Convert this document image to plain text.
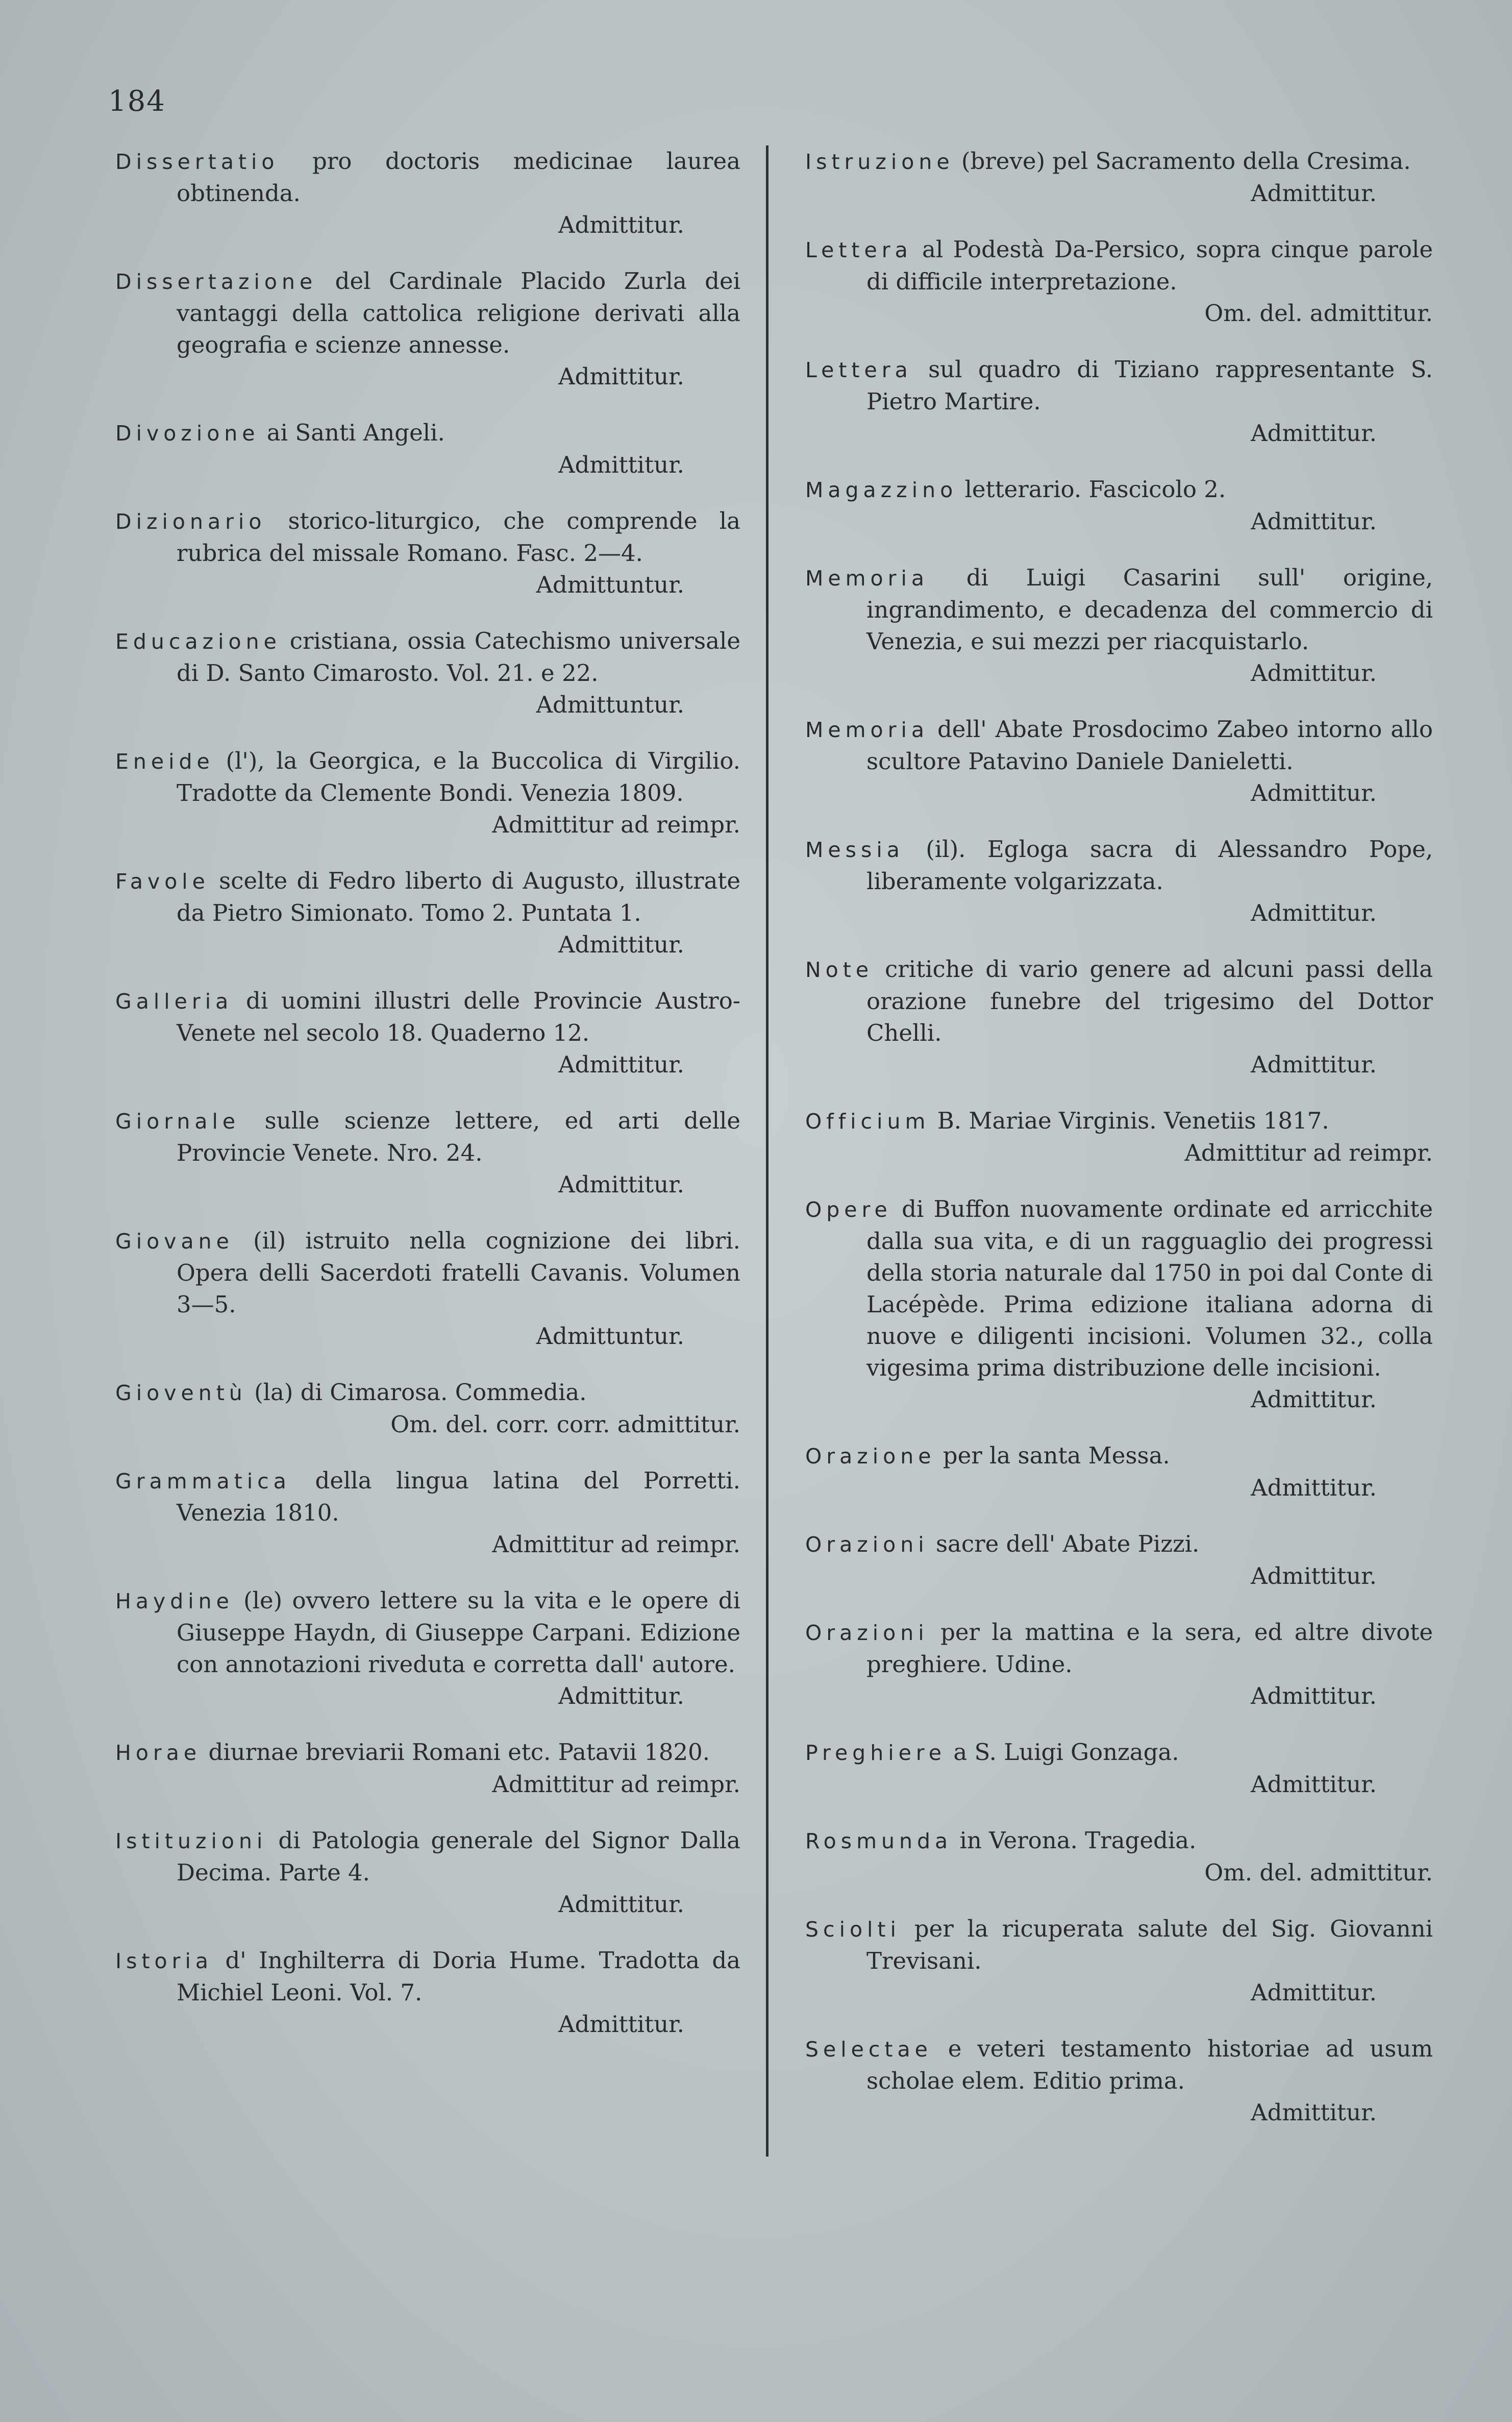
184
Dissertatio pro doctoris medicinae laurea obtinenda.
Admittitur.
Dissertazione del Cardinale Placido Zurla dei vantaggi della cattolica religione derivati alla geografia e scienze annesse.
Admittitur.
Divozione ai Santi Angeli.
Admittitur.
Dizionario storico-liturgico, che comprende la rubrica del missale Romano. Fasc. 2—4.
Admittuntur.
Educazione cristiana, ossia Catechismo universale di D. Santo Cimarosto. Vol. 21. e 22.
Admittuntur.
Eneide (l'), la Georgica, e la Buccolica di Virgilio. Tradotte da Clemente Bondi. Venezia 1809.
Admittitur ad reimpr.
Favole scelte di Fedro liberto di Augusto, illustrate da Pietro Simionato. Tomo 2. Puntata 1.
Admittitur.
Galleria di uomini illustri delle Provincie Austro-Venete nel secolo 18. Quaderno 12.
Admittitur.
Giornale sulle scienze lettere, ed arti delle Provincie Venete. Nro. 24.
Admittitur.
Giovane (il) istruito nella cognizione dei libri. Opera delli Sacerdoti fratelli Cavanis. Volumen 3—5.
Admittuntur.
Gioventù (la) di Cimarosa. Commedia.
Om. del. corr. corr. admittitur.
Grammatica della lingua latina del Porretti. Venezia 1810.
Admittitur ad reimpr.
Haydine (le) ovvero lettere su la vita e le opere di Giuseppe Haydn, di Giuseppe Carpani. Edizione con annotazioni riveduta e corretta dall' autore.
Admittitur.
Horae diurnae breviarii Romani etc. Patavii 1820.
Admittitur ad reimpr.
Istituzioni di Patologia generale del Signor Dalla Decima. Parte 4.
Admittitur.
Istoria d' Inghilterra di Doria Hume. Tradotta da Michiel Leoni. Vol. 7.
Admittitur.
Istruzione (breve) pel Sacramento della Cresima.
Admittitur.
Lettera al Podestà Da-Persico, sopra cinque parole di difficile interpretazione.
Om. del. admittitur.
Lettera sul quadro di Tiziano rappresentante S. Pietro Martire.
Admittitur.
Magazzino letterario. Fascicolo 2.
Admittitur.
Memoria di Luigi Casarini sull' origine, ingrandimento, e decadenza del commercio di Venezia, e sui mezzi per riacquistarlo.
Admittitur.
Memoria dell' Abate Prosdocimo Zabeo intorno allo scultore Patavino Daniele Danieletti.
Admittitur.
Messia (il). Egloga sacra di Alessandro Pope, liberamente volgarizzata.
Admittitur.
Note critiche di vario genere ad alcuni passi della orazione funebre del trigesimo del Dottor Chelli.
Admittitur.
Officium B. Mariae Virginis. Venetiis 1817.
Admittitur ad reimpr.
Opere di Buffon nuovamente ordinate ed arricchite dalla sua vita, e di un ragguaglio dei progressi della storia naturale dal 1750 in poi dal Conte di Lacépède. Prima edizione italiana adorna di nuove e diligenti incisioni. Volumen 32., colla vigesima prima distribuzione delle incisioni.
Admittitur.
Orazione per la santa Messa.
Admittitur.
Orazioni sacre dell' Abate Pizzi.
Admittitur.
Orazioni per la mattina e la sera, ed altre divote preghiere. Udine.
Admittitur.
Preghiere a S. Luigi Gonzaga.
Admittitur.
Rosmunda in Verona. Tragedia.
Om. del. admittitur.
Sciolti per la ricuperata salute del Sig. Giovanni Trevisani.
Admittitur.
Selectae e veteri testamento historiae ad usum scholae elem. Editio prima.
Admittitur.
